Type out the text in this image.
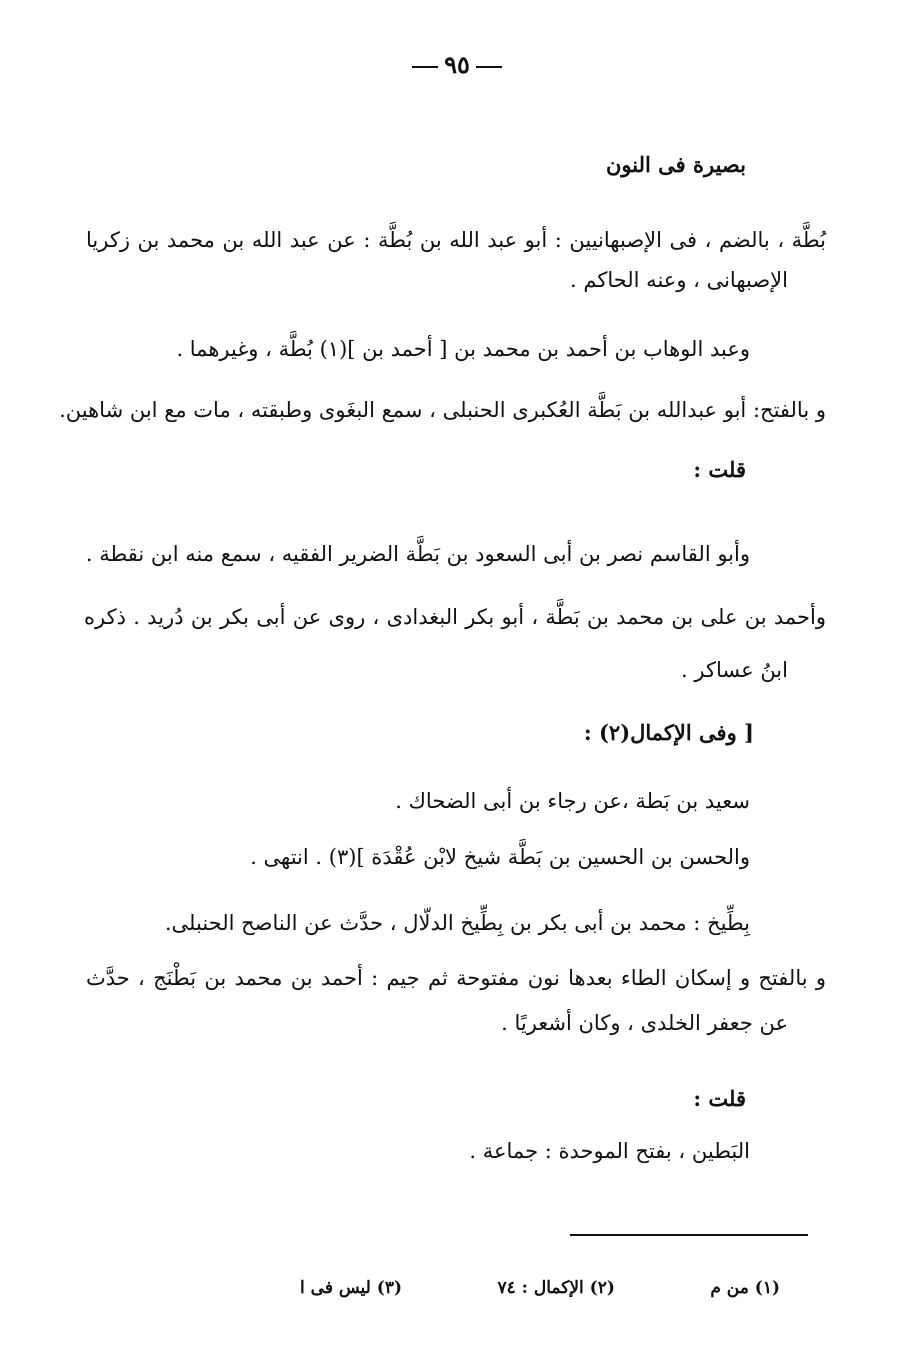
٩٥
بصيرة فى النون
بُطَّة ، بالضم ، فى الإصبهانيين : أبو عبد الله بن بُطَّة : عن عبد الله بن محمد بن زكريا
الإصبهانى ، وعنه الحاكم .
وعبد الوهاب بن أحمد بن محمد بن [ أحمد بن ](١) بُطَّة ، وغيرهما .
و بالفتح: أبو عبدالله بن بَطَّة العُكبرى الحنبلى ، سمع البغَوى وطبقته ، مات مع ابن شاهين.
قلت :
وأبو القاسم نصر بن أبى السعود بن بَطَّة الضرير الفقيه ، سمع منه ابن نقطة .
وأحمد بن على بن محمد بن بَطَّة ، أبو بكر البغدادى ، روى عن أبى بكر بن دُريد . ذكره
ابنُ عساكر .
[ وفى الإكمال(٢) :
سعيد بن بَطة ،عن رجاء بن أبى الضحاك .
والحسن بن الحسين بن بَطَّة شيخ لابْن عُقْدَة ](٣) . انتهى .
بِطِّيخ : محمد بن أبى بكر بن بِطِّيخ الدلّال ، حدَّث عن الناصح الحنبلى.
و بالفتح و إسكان الطاء بعدها نون مفتوحة ثم جيم : أحمد بن محمد بن بَطْنَج ، حدَّث
عن جعفر الخلدى ، وكان أشعريًا .
قلت :
البَطين ، بفتح الموحدة : جماعة .
(١) من م
(٢) الإكمال : ٧٤
(٣) ليس فى ا
